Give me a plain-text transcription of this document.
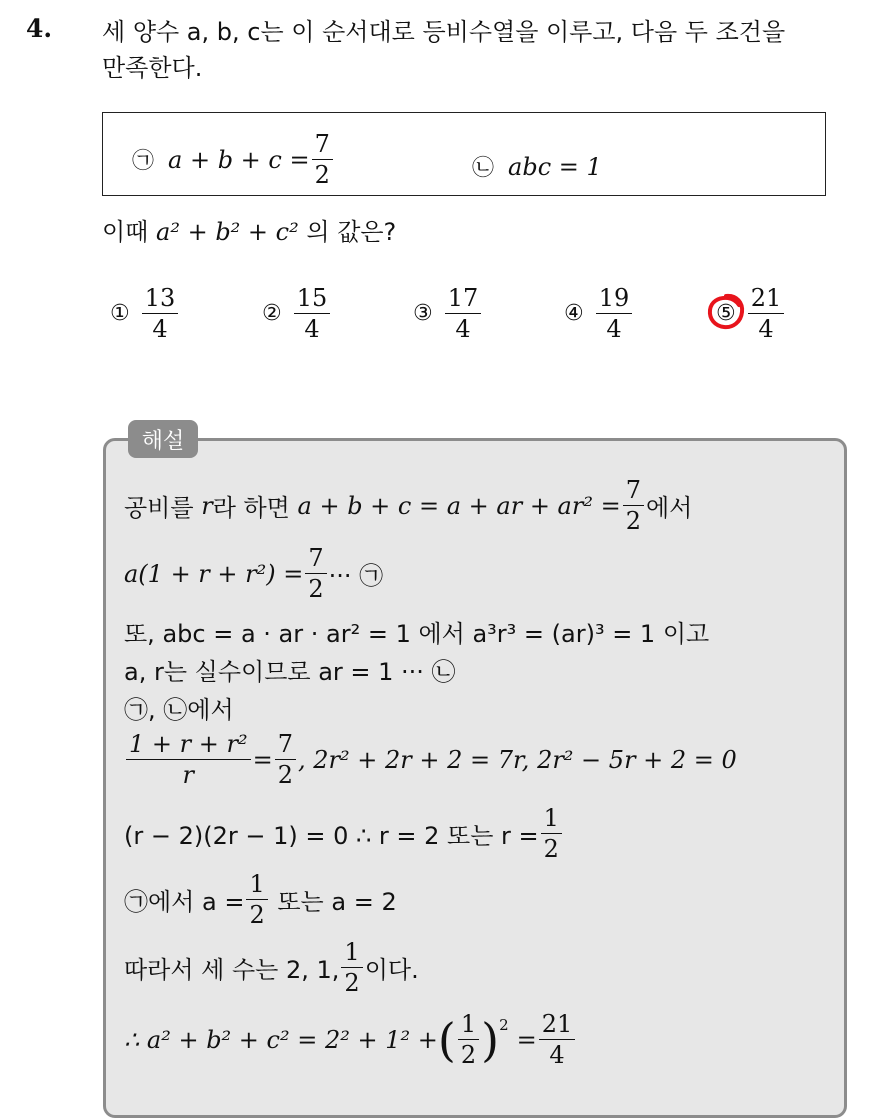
4. 세 양수 a, b, c는 이 순서대로 등비수열을 이루고, 다음 두 조건을
만족한다.
㉠ $a + b + c = \frac{7}{2}$	㉡ abc = 1
이때 a² + b² + c² 의 값은?
① $\frac{13}{4}$	② $\frac{15}{4}$	③ $\frac{17}{4}$	④ $\frac{19}{4}$	⑤ $\frac{21}{4}$
해설
공비를
r 라 하면
a + b + c = a + ar + $ar^2 = \frac{7}{2}$ 에서
$a(1 + r + r^2) = \frac{7}{2}$ ··· ㉠
또, abc = a · ar · ar² = 1 에서 a³r³ = (ar)³ = 1 이고
a, r는 실수이므로 ar = 1 ··· ㉡
㉠, ㉡에서
$\frac{\text{1 + r + r²}}{r} = \frac{7}{2}$ , 2r² + 2r + 2 = 7r, 2r² − 5r + 2 = 0
(r − 2)(2r − 1) = 0 ∴ r = 2 또는 $r = \frac{1}{2}$
㉠에서 $a = \frac{1}{2}$
또는 a = 2
따라서 세 수는 2, 1, $\frac{1}{2}$ 이다.
∴ a² + b² + c² = 2² + 1² + ( $\frac{1}{2}$ ) 2
= $\frac{21}{4}$
